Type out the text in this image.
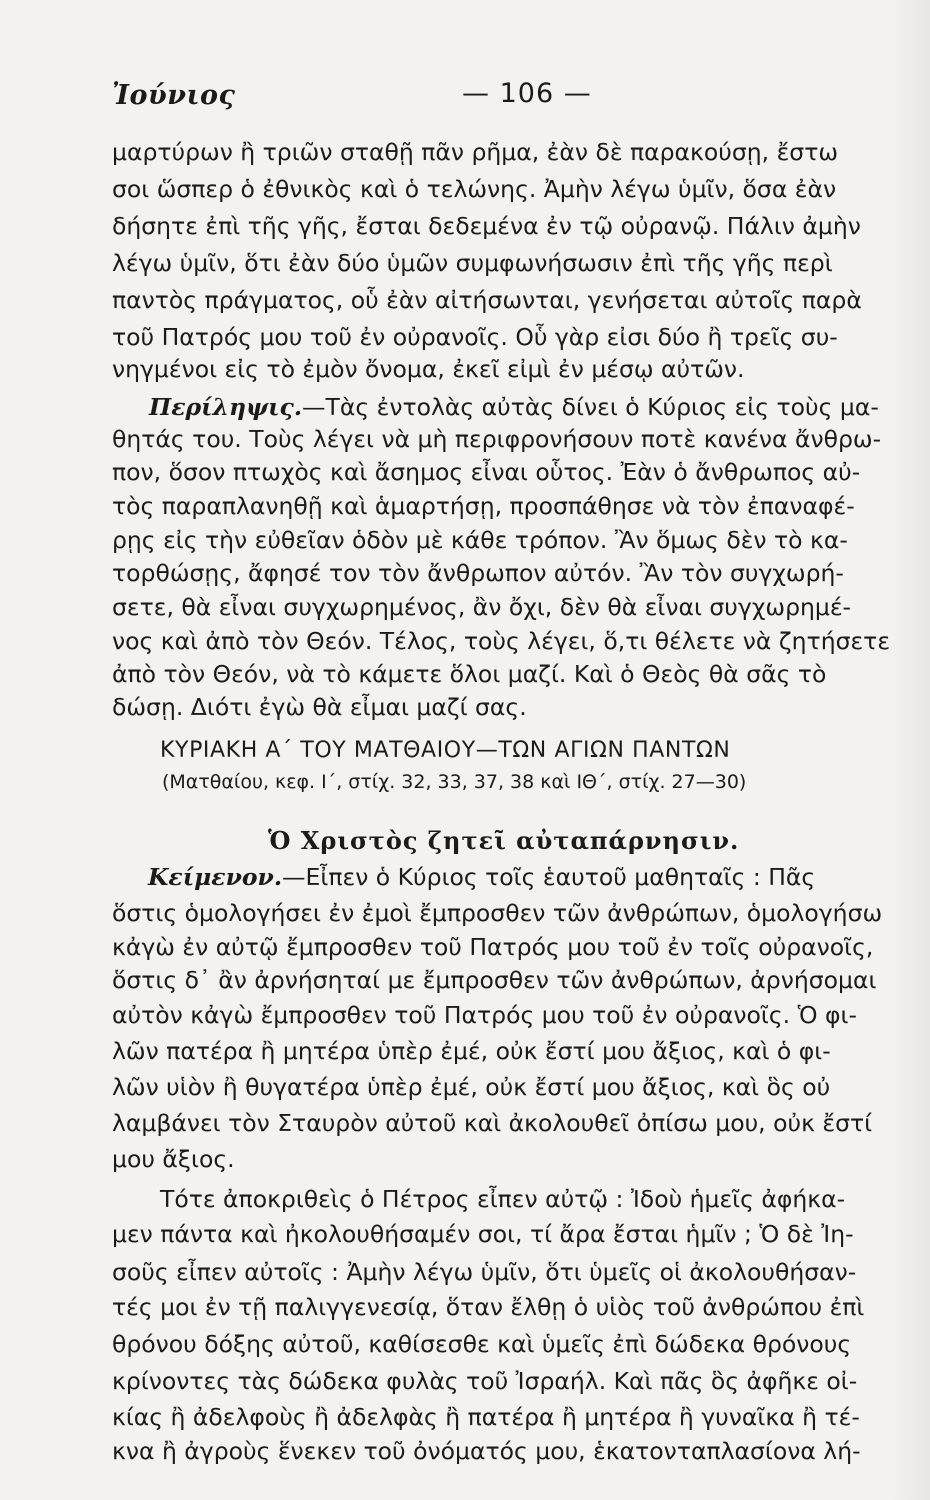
Ἰούνιος	— 106 —
μαρτύρων ἢ τριῶν σταθῇ πᾶν ρῆμα, ἐὰν δὲ παρακούσῃ, ἔστω
σοι ὥσπερ ὁ ἐθνικὸς καὶ ὁ τελώνης. Ἀμὴν λέγω ὑμῖν, ὅσα ἐὰν
δήσητε ἐπὶ τῆς γῆς, ἔσται δεδεμένα ἐν τῷ οὐρανῷ. Πάλιν ἀμὴν
λέγω ὑμῖν, ὅτι ἐὰν δύο ὑμῶν συμφωνήσωσιν ἐπὶ τῆς γῆς περὶ
παντὸς πράγματος, οὗ ἐὰν αἰτήσωνται, γενήσεται αὐτοῖς παρὰ
τοῦ Πατρός μου τοῦ ἐν οὐρανοῖς. Οὗ γὰρ εἰσι δύο ἢ τρεῖς συ-
νηγμένοι εἰς τὸ ἐμὸν ὄνομα, ἐκεῖ εἰμὶ ἐν μέσῳ αὐτῶν.
Περίληψις.—Τὰς ἐντολὰς αὐτὰς δίνει ὁ Κύριος εἰς τοὺς μα-
θητάς του. Τοὺς λέγει νὰ μὴ περιφρονήσουν ποτὲ κανένα ἄνθρω-
πον, ὅσον πτωχὸς καὶ ἄσημος εἶναι οὗτος. Ἐὰν ὁ ἄνθρωπος αὐ-
τὸς παραπλανηθῇ καὶ ἁμαρτήσῃ, προσπάθησε νὰ τὸν ἐπαναφέ-
ρῃς εἰς τὴν εὐθεῖαν ὁδὸν μὲ κάθε τρόπον. Ἂν ὅμως δὲν τὸ κα-
τορθώσῃς, ἄφησέ τον τὸν ἄνθρωπον αὐτόν. Ἂν τὸν συγχωρή-
σετε, θὰ εἶναι συγχωρημένος, ἂν ὄχι, δὲν θὰ εἶναι συγχωρημέ-
νος καὶ ἀπὸ τὸν Θεόν. Τέλος, τοὺς λέγει, ὅ,τι θέλετε νὰ ζητήσετε
ἀπὸ τὸν Θεόν, νὰ τὸ κάμετε ὅλοι μαζί. Καὶ ὁ Θεὸς θὰ σᾶς τὸ
δώσῃ. Διότι ἐγὼ θὰ εἶμαι μαζί σας.
ΚΥΡΙΑΚΗ Α΄ ΤΟΥ ΜΑΤΘΑΙΟΥ—ΤΩΝ ΑΓΙΩΝ ΠΑΝΤΩΝ
(Ματθαίου, κεφ. Ι΄, στίχ. 32, 33, 37, 38 καὶ ΙΘ΄, στίχ. 27—30)
Ὁ Χριστὸς ζητεῖ αὐταπάρνησιν.
Κείμενον.—Εἶπεν ὁ Κύριος τοῖς ἑαυτοῦ μαθηταῖς : Πᾶς
ὅστις ὁμολογήσει ἐν ἐμοὶ ἔμπροσθεν τῶν ἀνθρώπων, ὁμολογήσω
κἀγὼ ἐν αὐτῷ ἔμπροσθεν τοῦ Πατρός μου τοῦ ἐν τοῖς οὐρανοῖς,
ὅστις δ᾿ ἂν ἀρνήσηταί με ἔμπροσθεν τῶν ἀνθρώπων, ἀρνήσομαι
αὐτὸν κἀγὼ ἔμπροσθεν τοῦ Πατρός μου τοῦ ἐν οὐρανοῖς. Ὁ φι-
λῶν πατέρα ἢ μητέρα ὑπὲρ ἐμέ, οὐκ ἔστί μου ἄξιος, καὶ ὁ φι-
λῶν υἱὸν ἢ θυγατέρα ὑπὲρ ἐμέ, οὐκ ἔστί μου ἄξιος, καὶ ὃς οὐ
λαμβάνει τὸν Σταυρὸν αὐτοῦ καὶ ἀκολουθεῖ ὀπίσω μου, οὐκ ἔστί
μου ἄξιος.
Τότε ἀποκριθεὶς ὁ Πέτρος εἶπεν αὐτῷ : Ἰδοὺ ἡμεῖς ἀφήκα-
μεν πάντα καὶ ἠκολουθήσαμέν σοι, τί ἄρα ἔσται ἡμῖν ; Ὁ δὲ Ἰη-
σοῦς εἶπεν αὐτοῖς : Ἀμὴν λέγω ὑμῖν, ὅτι ὑμεῖς οἱ ἀκολουθήσαν-
τές μοι ἐν τῇ παλιγγενεσίᾳ, ὅταν ἔλθῃ ὁ υἱὸς τοῦ ἀνθρώπου ἐπὶ
θρόνου δόξης αὐτοῦ, καθίσεσθε καὶ ὑμεῖς ἐπὶ δώδεκα θρόνους
κρίνοντες τὰς δώδεκα φυλὰς τοῦ Ἰσραήλ. Καὶ πᾶς ὃς ἀφῆκε οἰ-
κίας ἢ ἀδελφοὺς ἢ ἀδελφὰς ἢ πατέρα ἢ μητέρα ἢ γυναῖκα ἢ τέ-
κνα ἢ ἀγροὺς ἕνεκεν τοῦ ὀνόματός μου, ἑκατονταπλασίονα λή-
